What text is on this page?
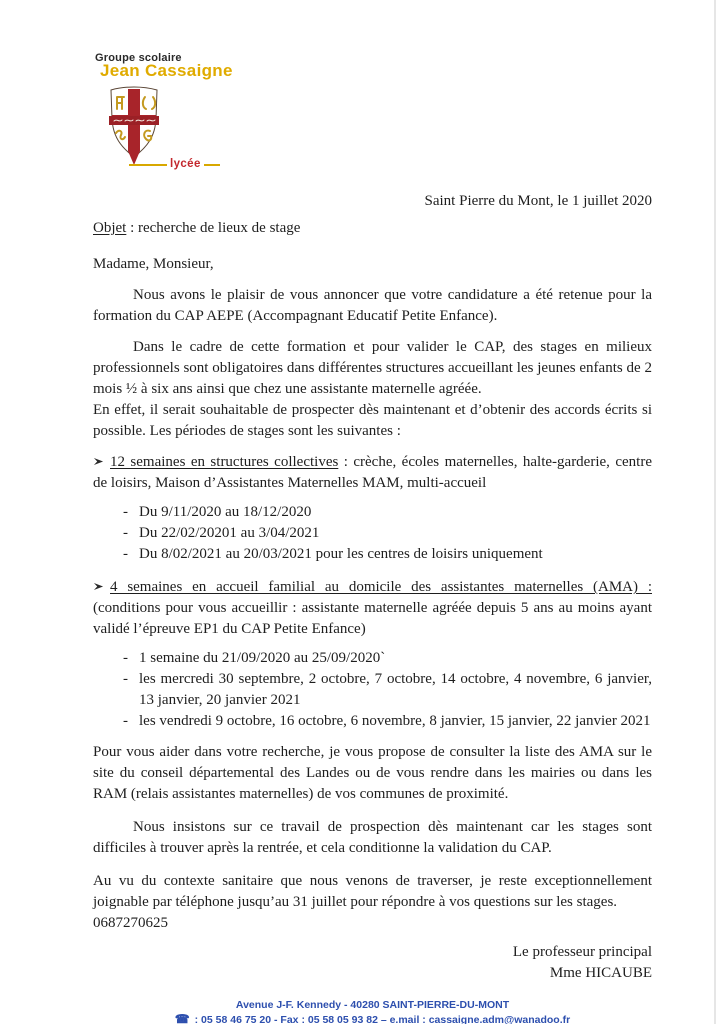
Groupe scolaire
Jean Cassaigne
lycée
Saint Pierre du Mont, le 1 juillet 2020
Objet : recherche de lieux de stage
Madame, Monsieur,
Nous avons le plaisir de vous annoncer que votre candidature a été retenue pour la formation du CAP AEPE (Accompagnant Educatif Petite Enfance).
Dans le cadre de cette formation et pour valider le CAP, des stages en milieux professionnels sont obligatoires dans différentes structures accueillant les jeunes enfants de 2 mois ½ à six ans ainsi que chez une assistante maternelle agréée.
En effet, il serait souhaitable de prospecter dès maintenant et d’obtenir des accords écrits si possible. Les périodes de stages sont les suivantes :
12 semaines en structures collectives : crèche, écoles maternelles, halte-garderie, centre de loisirs, Maison d’Assistantes Maternelles MAM, multi-accueil
- Du 9/11/2020 au 18/12/2020
- Du 22/02/20201 au 3/04/2021
- Du 8/02/2021 au 20/03/2021 pour les centres de loisirs uniquement
4 semaines en accueil familial au domicile des assistantes maternelles (AMA) : (conditions pour vous accueillir : assistante maternelle agréée depuis 5 ans au moins ayant validé l’épreuve EP1 du CAP Petite Enfance)
- 1 semaine du 21/09/2020 au 25/09/2020`
- les mercredi 30 septembre, 2 octobre, 7 octobre, 14 octobre, 4 novembre, 6 janvier, 13 janvier, 20 janvier 2021
- les vendredi 9 octobre, 16 octobre, 6 novembre, 8 janvier, 15 janvier, 22 janvier 2021
Pour vous aider dans votre recherche, je vous propose de consulter la liste des AMA sur le site du conseil départemental des Landes ou de vous rendre dans les mairies ou dans les RAM (relais assistantes maternelles) de vos communes de proximité.
Nous insistons sur ce travail de prospection dès maintenant car les stages sont difficiles à trouver après la rentrée, et cela conditionne la validation du CAP.
Au vu du contexte sanitaire que nous venons de traverser, je reste exceptionnellement joignable par téléphone jusqu’au 31 juillet pour répondre à vos questions sur les stages.
0687270625
Le professeur principal
Mme HICAUBE
Avenue J-F. Kennedy - 40280 SAINT-PIERRE-DU-MONT
☎ : 05 58 46 75 20 - Fax : 05 58 05 93 82 – e.mail : cassaigne.adm@wanadoo.fr
